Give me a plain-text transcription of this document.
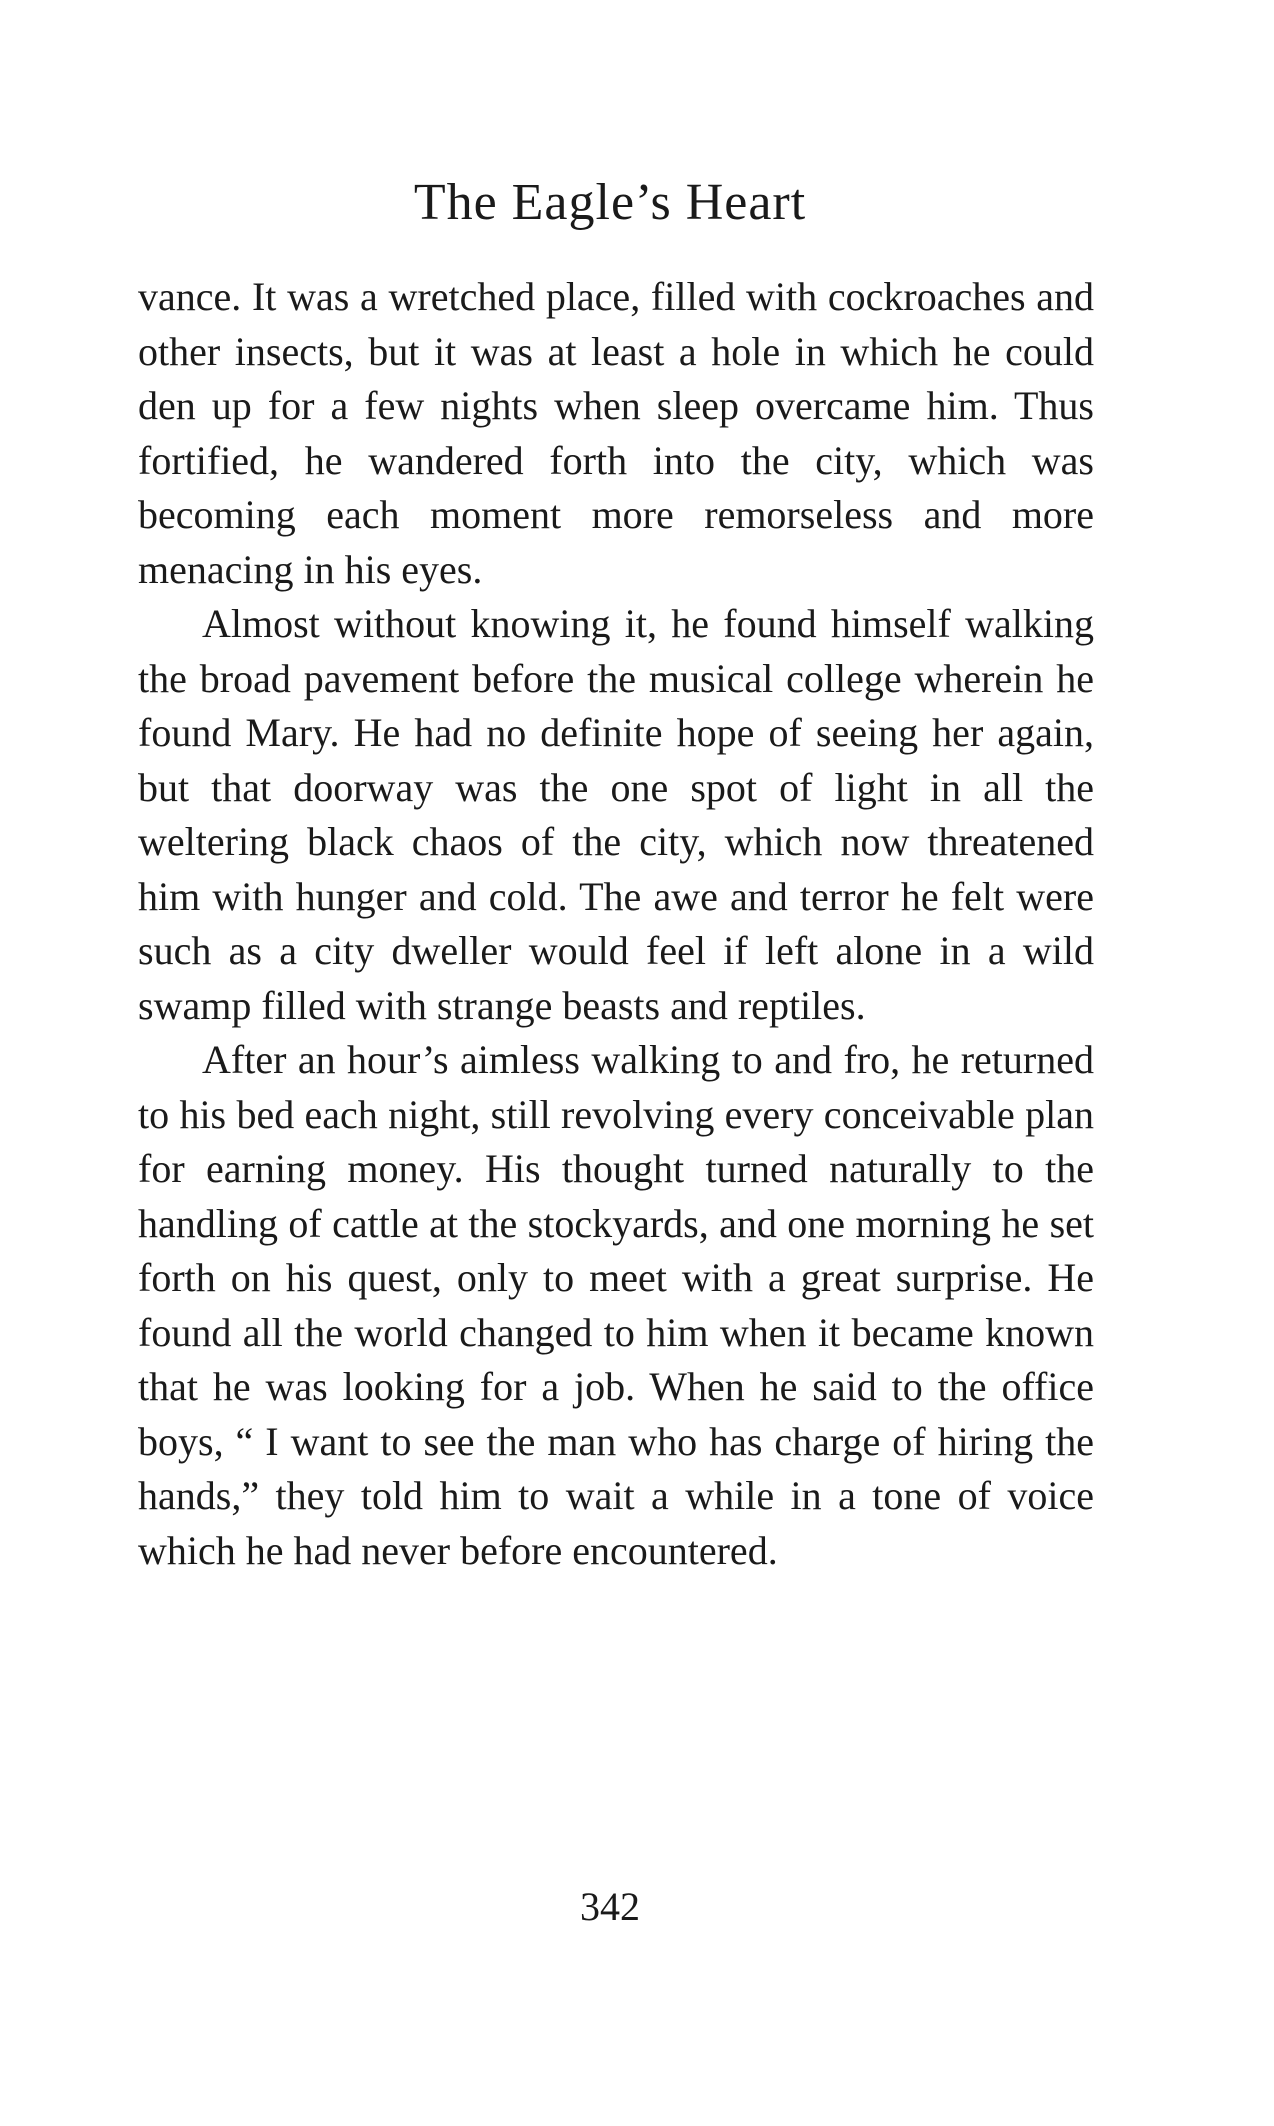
The Eagle’s Heart

vance. It was a wretched place, filled with cockroaches and other insects, but it was at least a hole in which he could den up for a few nights when sleep overcame him. Thus fortified, he wandered forth into the city, which was becoming each moment more remorseless and more menacing in his eyes.

Almost without knowing it, he found himself walking the broad pavement before the musical college wherein he found Mary. He had no definite hope of seeing her again, but that doorway was the one spot of light in all the weltering black chaos of the city, which now threatened him with hunger and cold. The awe and terror he felt were such as a city dweller would feel if left alone in a wild swamp filled with strange beasts and reptiles.

After an hour’s aimless walking to and fro, he returned to his bed each night, still revolving every conceivable plan for earning money. His thought turned naturally to the handling of cattle at the stockyards, and one morning he set forth on his quest, only to meet with a great surprise. He found all the world changed to him when it became known that he was looking for a job. When he said to the office boys, “ I want to see the man who has charge of hiring the hands,” they told him to wait a while in a tone of voice which he had never before encountered.

342
